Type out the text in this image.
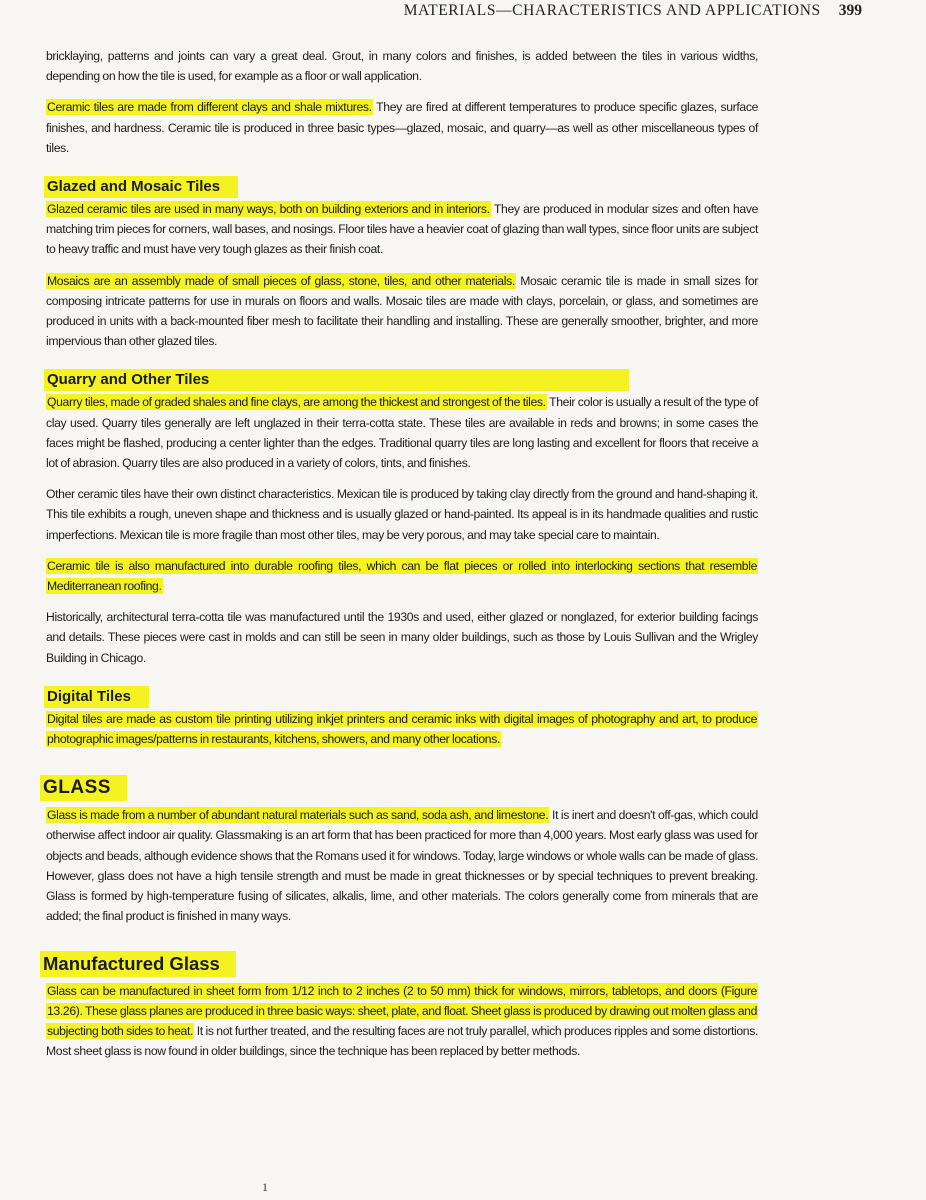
MATERIALS—CHARACTERISTICS AND APPLICATIONS 399

bricklaying, patterns and joints can vary a great deal. Grout, in many colors and finishes, is added between the tiles in various widths, depending on how the tile is used, for example as a floor or wall application.

Ceramic tiles are made from different clays and shale mixtures. They are fired at different temperatures to produce specific glazes, surface finishes, and hardness. Ceramic tile is produced in three basic types—glazed, mosaic, and quarry—as well as other miscellaneous types of tiles.

Glazed and Mosaic Tiles

Glazed ceramic tiles are used in many ways, both on building exteriors and in interiors. They are produced in modular sizes and often have matching trim pieces for corners, wall bases, and nosings. Floor tiles have a heavier coat of glazing than wall types, since floor units are subject to heavy traffic and must have very tough glazes as their finish coat.

Mosaics are an assembly made of small pieces of glass, stone, tiles, and other materials. Mosaic ceramic tile is made in small sizes for composing intricate patterns for use in murals on floors and walls. Mosaic tiles are made with clays, porcelain, or glass, and sometimes are produced in units with a back-mounted fiber mesh to facilitate their handling and installing. These are generally smoother, brighter, and more impervious than other glazed tiles.

Quarry and Other Tiles

Quarry tiles, made of graded shales and fine clays, are among the thickest and strongest of the tiles. Their color is usually a result of the type of clay used. Quarry tiles generally are left unglazed in their terra-cotta state. These tiles are available in reds and browns; in some cases the faces might be flashed, producing a center lighter than the edges. Traditional quarry tiles are long lasting and excellent for floors that receive a lot of abrasion. Quarry tiles are also produced in a variety of colors, tints, and finishes.

Other ceramic tiles have their own distinct characteristics. Mexican tile is produced by taking clay directly from the ground and hand-shaping it. This tile exhibits a rough, uneven shape and thickness and is usually glazed or hand-painted. Its appeal is in its handmade qualities and rustic imperfections. Mexican tile is more fragile than most other tiles, may be very porous, and may take special care to maintain.

Ceramic tile is also manufactured into durable roofing tiles, which can be flat pieces or rolled into interlocking sections that resemble Mediterranean roofing.

Historically, architectural terra-cotta tile was manufactured until the 1930s and used, either glazed or nonglazed, for exterior building facings and details. These pieces were cast in molds and can still be seen in many older buildings, such as those by Louis Sullivan and the Wrigley Building in Chicago.

Digital Tiles

Digital tiles are made as custom tile printing utilizing inkjet printers and ceramic inks with digital images of photography and art, to produce photographic images/patterns in restaurants, kitchens, showers, and many other locations.

GLASS

Glass is made from a number of abundant natural materials such as sand, soda ash, and limestone. It is inert and doesn't off-gas, which could otherwise affect indoor air quality. Glassmaking is an art form that has been practiced for more than 4,000 years. Most early glass was used for objects and beads, although evidence shows that the Romans used it for windows. Today, large windows or whole walls can be made of glass. However, glass does not have a high tensile strength and must be made in great thicknesses or by special techniques to prevent breaking. Glass is formed by high-temperature fusing of silicates, alkalis, lime, and other materials. The colors generally come from minerals that are added; the final product is finished in many ways.

Manufactured Glass

Glass can be manufactured in sheet form from 1/12 inch to 2 inches (2 to 50 mm) thick for windows, mirrors, tabletops, and doors (Figure 13.26). These glass planes are produced in three basic ways: sheet, plate, and float. Sheet glass is produced by drawing out molten glass and subjecting both sides to heat. It is not further treated, and the resulting faces are not truly parallel, which produces ripples and some distortions. Most sheet glass is now found in older buildings, since the technique has been replaced by better methods.

1
